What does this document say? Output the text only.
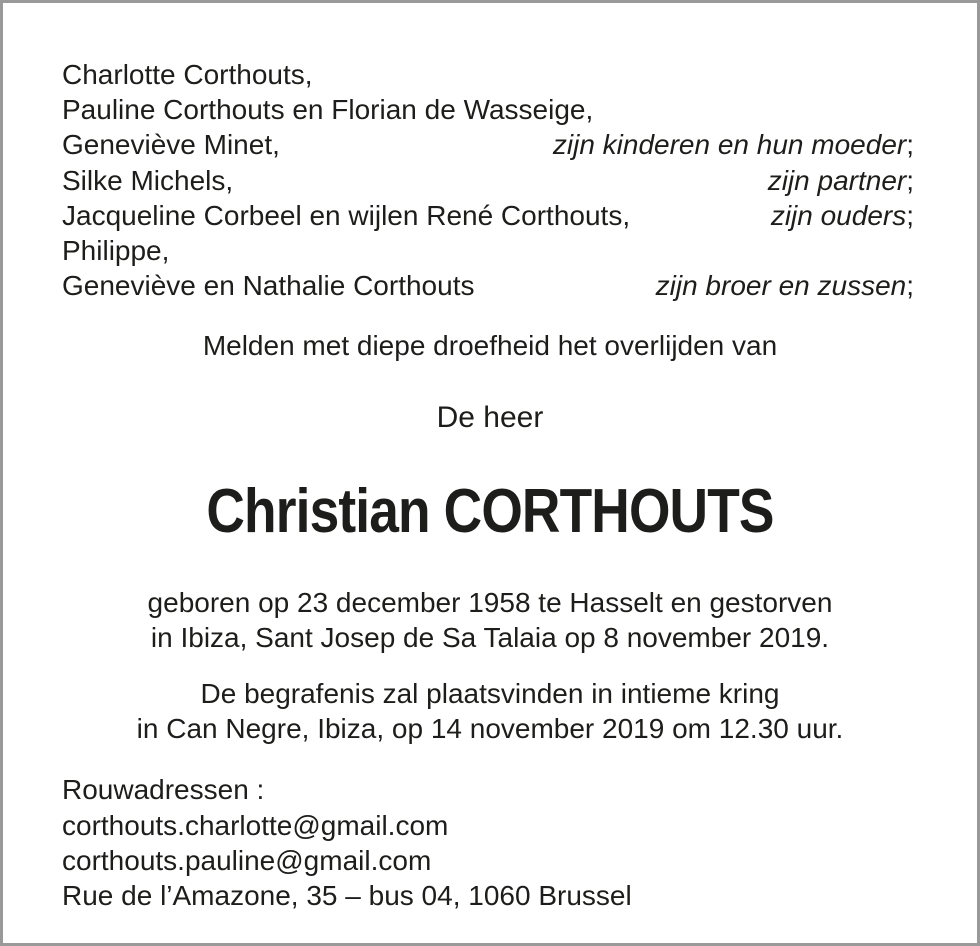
Charlotte Corthouts,
Pauline Corthouts en Florian de Wasseige,
Geneviève Minet,	zijn kinderen en hun moeder;
Silke Michels,	zijn partner;
Jacqueline Corbeel en wijlen René Corthouts,	zijn ouders;
Philippe,
Geneviève en Nathalie Corthouts	zijn broer en zussen;
Melden met diepe droefheid het overlijden van
De heer
Christian CORTHOUTS
geboren op 23 december 1958 te Hasselt en gestorven
in Ibiza, Sant Josep de Sa Talaia op 8 november 2019.
De begrafenis zal plaatsvinden in intieme kring
in Can Negre, Ibiza, op 14 november 2019 om 12.30 uur.
Rouwadressen :
corthouts.charlotte@gmail.com
corthouts.pauline@gmail.com
Rue de l’Amazone, 35 – bus 04, 1060 Brussel
